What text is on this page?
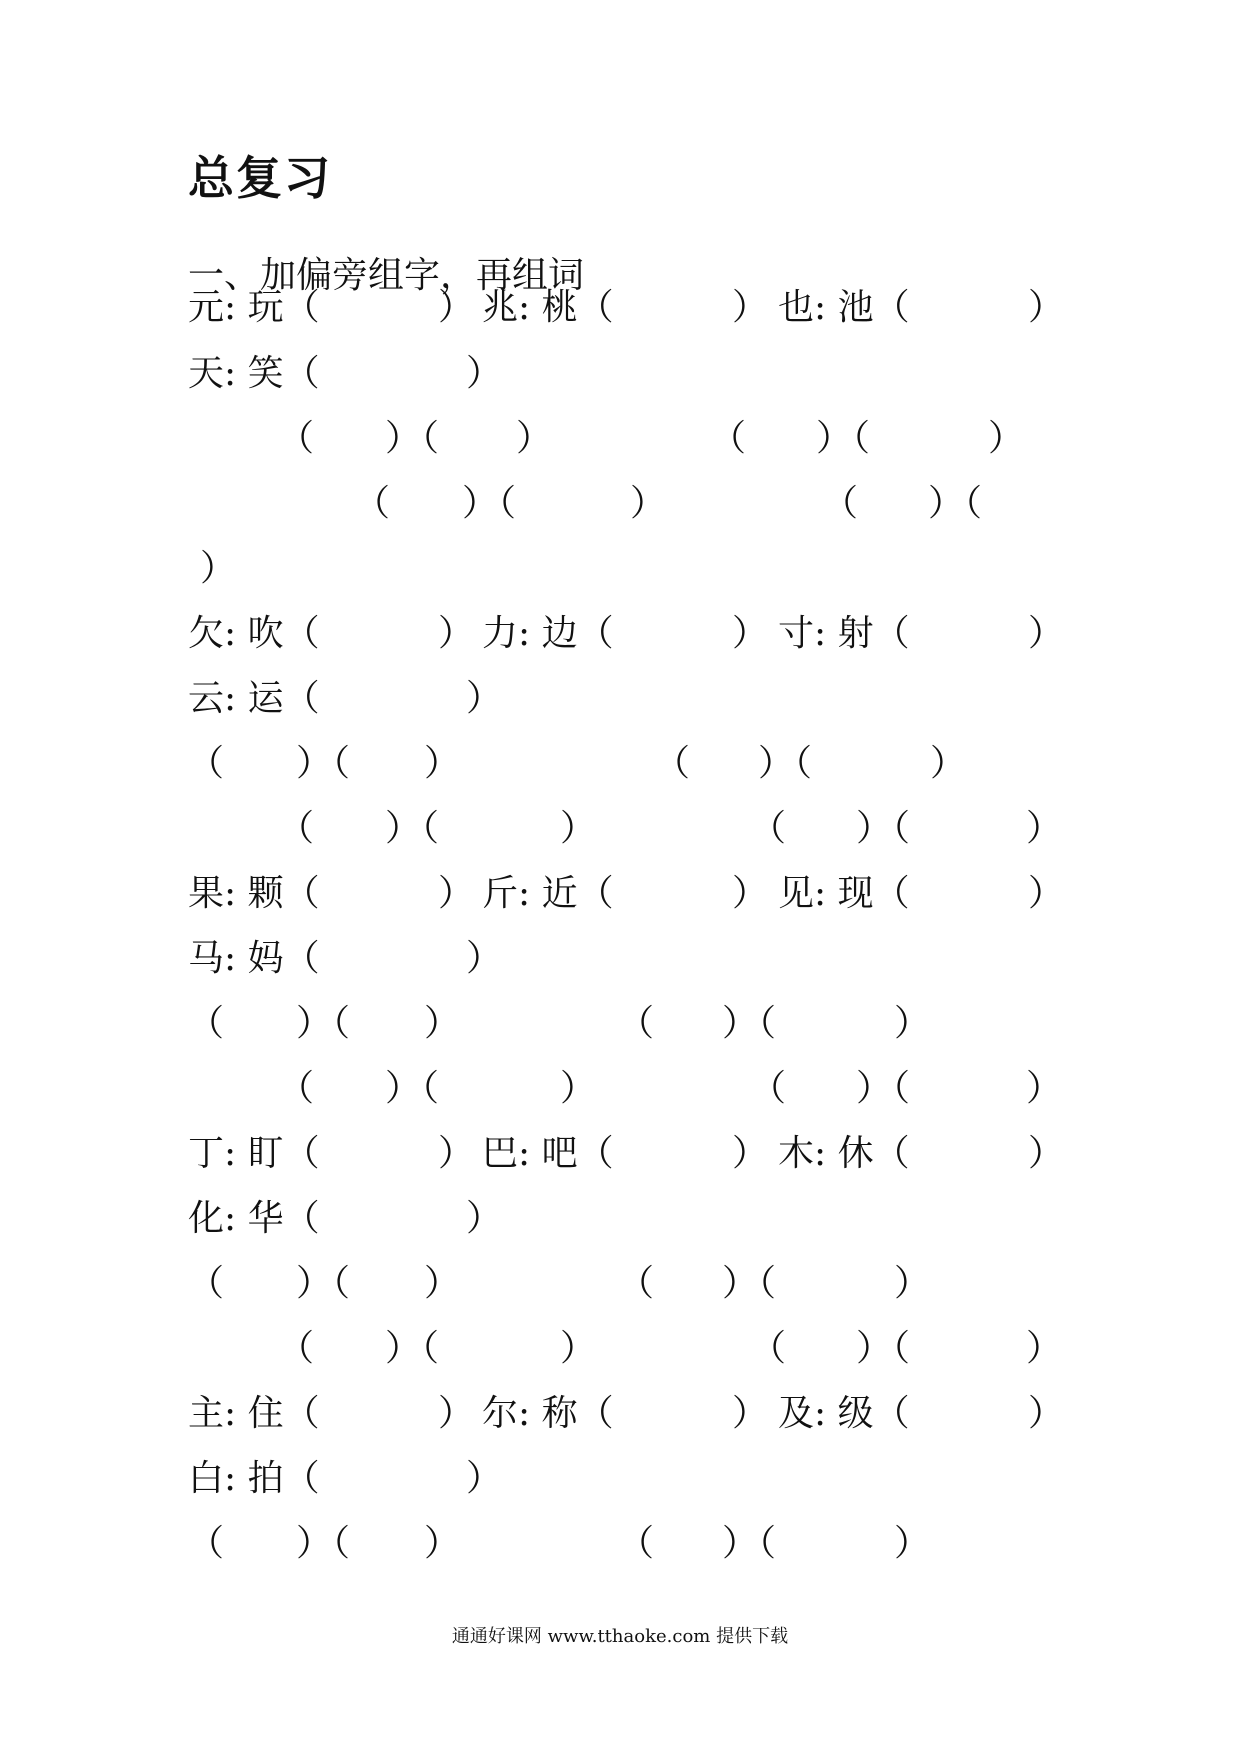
总复习
一、加偏旁组字，再组词
元: 玩（	） 兆: 桃（	） 也: 池（	）
天: 笑（	）
（ ）（ ）	（ ）（	）
（ ）（	）	（ ）（
）
欠: 吹（	） 力: 边（	） 寸: 射（	）
云: 运（	）
（ ）（ ）	（ ）（	）
（ ）（	）	（ ）（	）
果: 颗（	） 斤: 近（	） 见: 现（	）
马: 妈（	）
（ ）（ ）	（ ）（	）
（ ）（	）	（ ）（	）
丁: 盯（	） 巴: 吧（	） 木: 休（	）
化: 华（	）
（ ）（ ）	（ ）（	）
（ ）（	）	（ ）（	）
主: 住（	） 尔: 称（	） 及: 级（	）
白: 拍（	）
（ ）（ ）	（ ）（	）
通通好课网 www.tthaoke.com 提供下载
